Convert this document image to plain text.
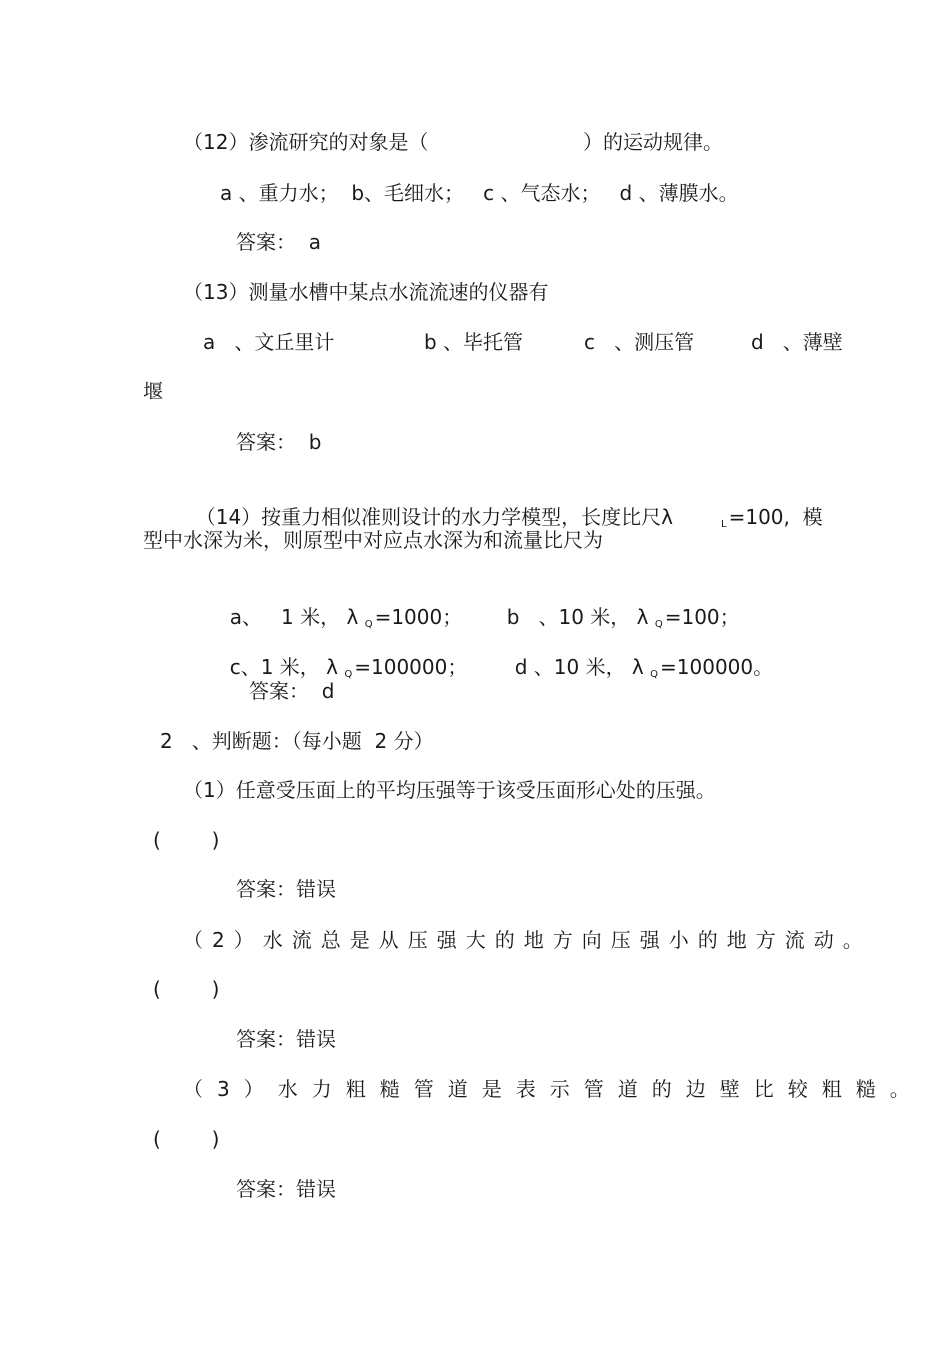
（12）渗流研究的对象是（	）的运动规律。
a 、重力水；  b、毛细水；   c 、气态水；   d 、薄膜水。
答案：  a
（13）测量水槽中某点水流流速的仪器有
a   、文丘里计	b 、毕托管	c   、测压管	d   、薄壁
堰
答案：  b

（14）按重力相似准则设计的水力学模型，长度比尺λ	L =100,  模

型中水深为米，则原型中对应点水深为和流量比尺为

a、   1 米， λ Q =1000；	b   、10 米， λ Q =100；

c、1 米， λ Q =100000；	d 、10 米， λ Q =100000。

答案：  d
2   、判断题：（每小题  2 分）
（1）任意受压面上的平均压强等于该受压面形心处的压强。
(        )
答案：错误
（2）水流总是从压强大的地方向压强小的地方流动。
(        )
答案：错误
（3）水力粗糙管道是表示管道的边壁比较粗糙。
(        )
答案：错误
